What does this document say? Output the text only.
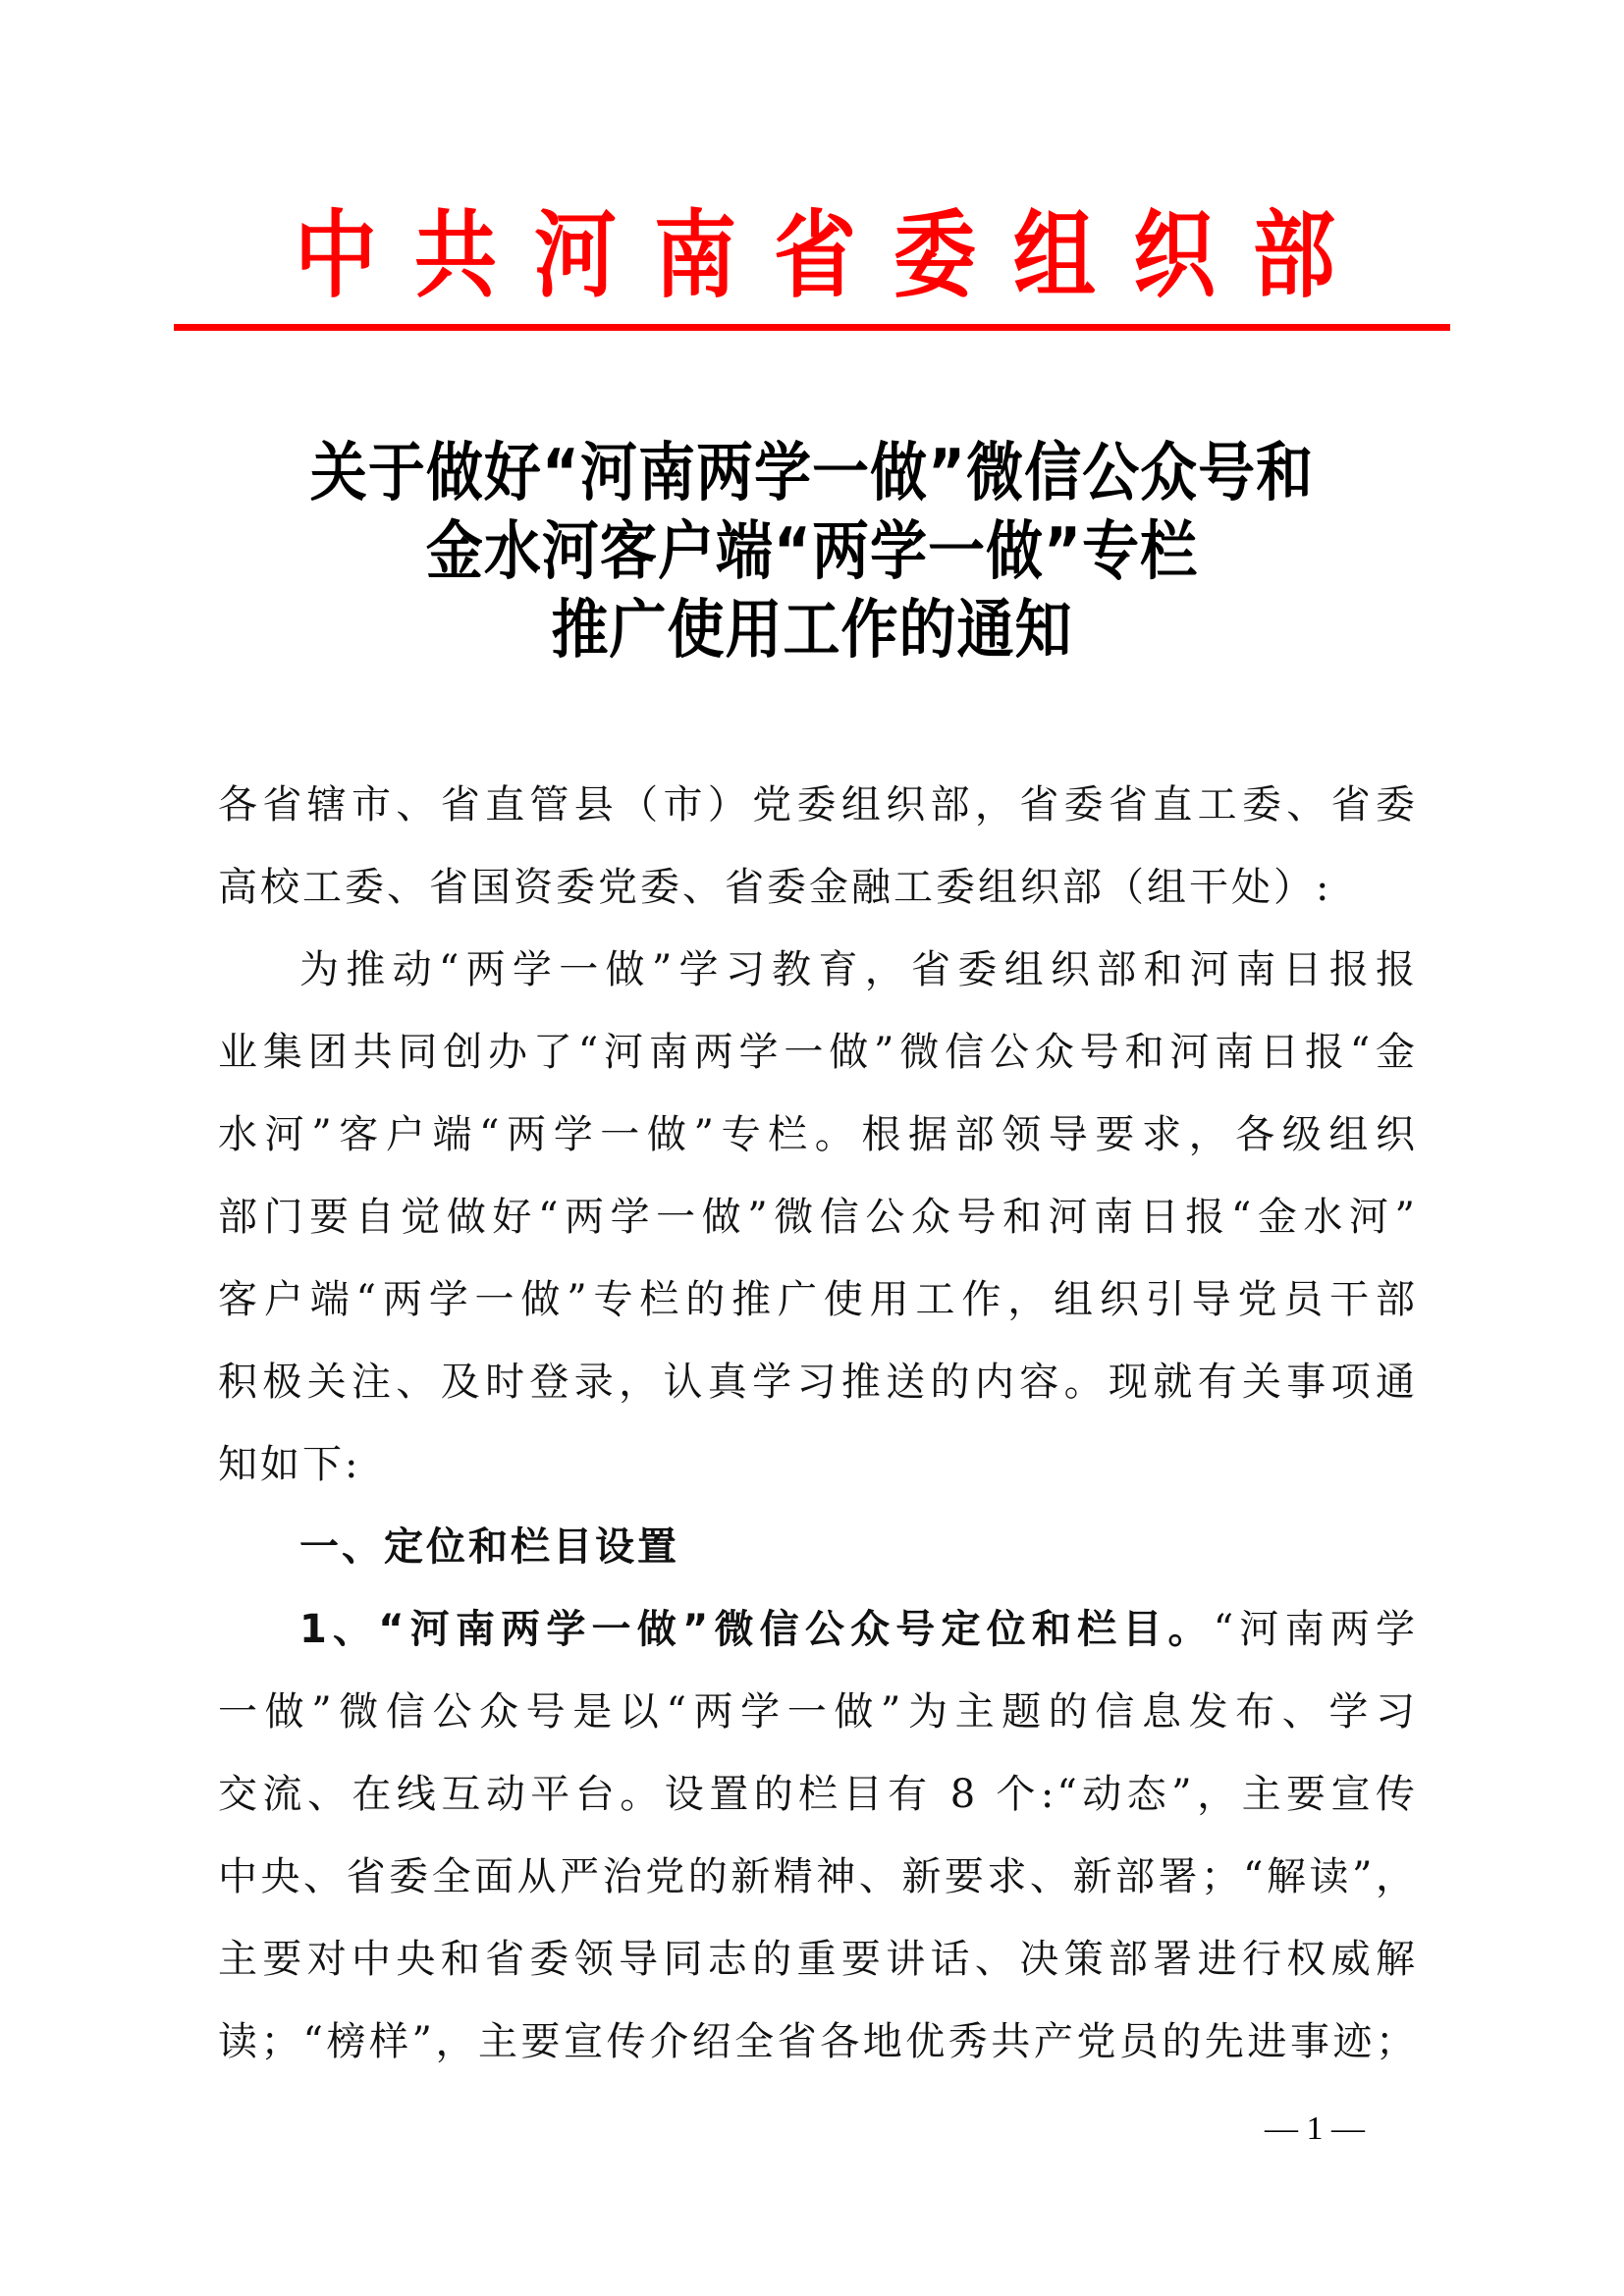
中 共 河 南 省 委 组 织 部
关于做好“河南两学一做”微信公众号和
金水河客户端“两学一做”专栏
推广使用工作的通知
各省辖市、省直管县（市）党委组织部，省委省直工委、省委
高校工委、省国资委党委、省委金融工委组织部（组干处）:
为推动“两学一做”学习教育，省委组织部和河南日报报
业集团共同创办了“河南两学一做”微信公众号和河南日报“金
水河”客户端“两学一做”专栏。根据部领导要求，各级组织
部门要自觉做好“两学一做”微信公众号和河南日报“金水河”
客户端“两学一做”专栏的推广使用工作，组织引导党员干部
积极关注、及时登录，认真学习推送的内容。现就有关事项通
知如下:
一、定位和栏目设置
1、“河南两学一做”微信公众号定位和栏目。“河南两学
一做”微信公众号是以“两学一做”为主题的信息发布、学习
交流、在线互动平台。设置的栏目有 8 个:“动态”，主要宣传
中央、省委全面从严治党的新精神、新要求、新部署；“解读”，
主要对中央和省委领导同志的重要讲话、决策部署进行权威解
读；“榜样”，主要宣传介绍全省各地优秀共产党员的先进事迹；
— 1 —
